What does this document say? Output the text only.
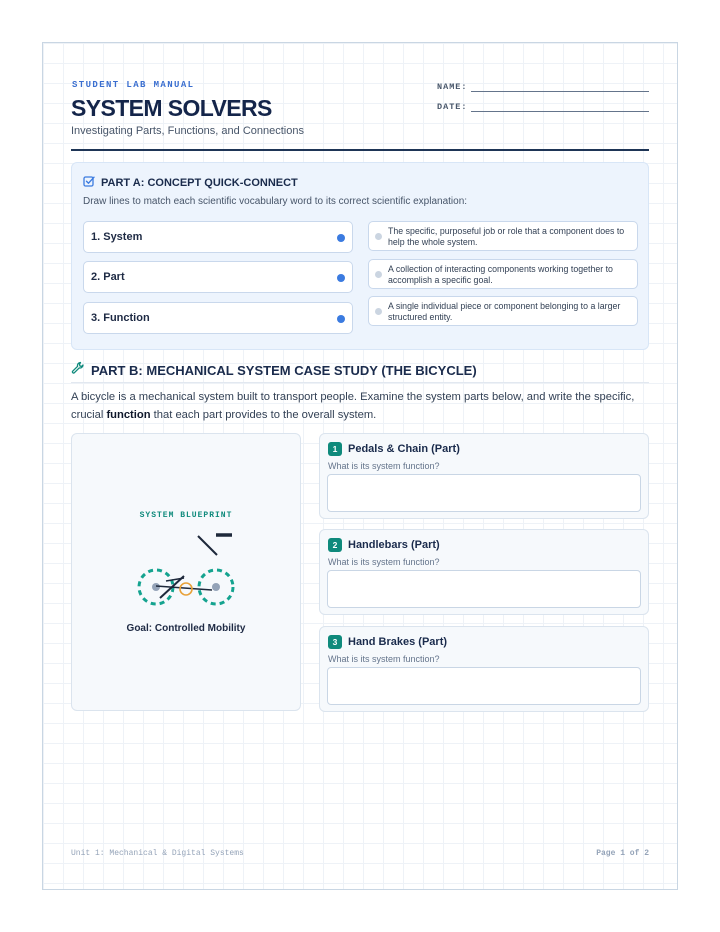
STUDENT LAB MANUAL
SYSTEM SOLVERS
Investigating Parts, Functions, and Connections
NAME:
DATE:
PART A: CONCEPT QUICK-CONNECT
Draw lines to match each scientific vocabulary word to its correct scientific explanation:
1. System
2. Part
3. Function
The specific, purposeful job or role that a component does to help the whole system.
A collection of interacting components working together to accomplish a specific goal.
A single individual piece or component belonging to a larger structured entity.
PART B: MECHANICAL SYSTEM CASE STUDY (THE BICYCLE)
A bicycle is a mechanical system built to transport people. Examine the system parts below, and write the specific, crucial function that each part provides to the overall system.
SYSTEM BLUEPRINT
Goal: Controlled Mobility
1 Pedals & Chain (Part)
What is its system function?
2 Handlebars (Part)
What is its system function?
3 Hand Brakes (Part)
What is its system function?
Unit 1: Mechanical & Digital Systems	Page 1 of 2
